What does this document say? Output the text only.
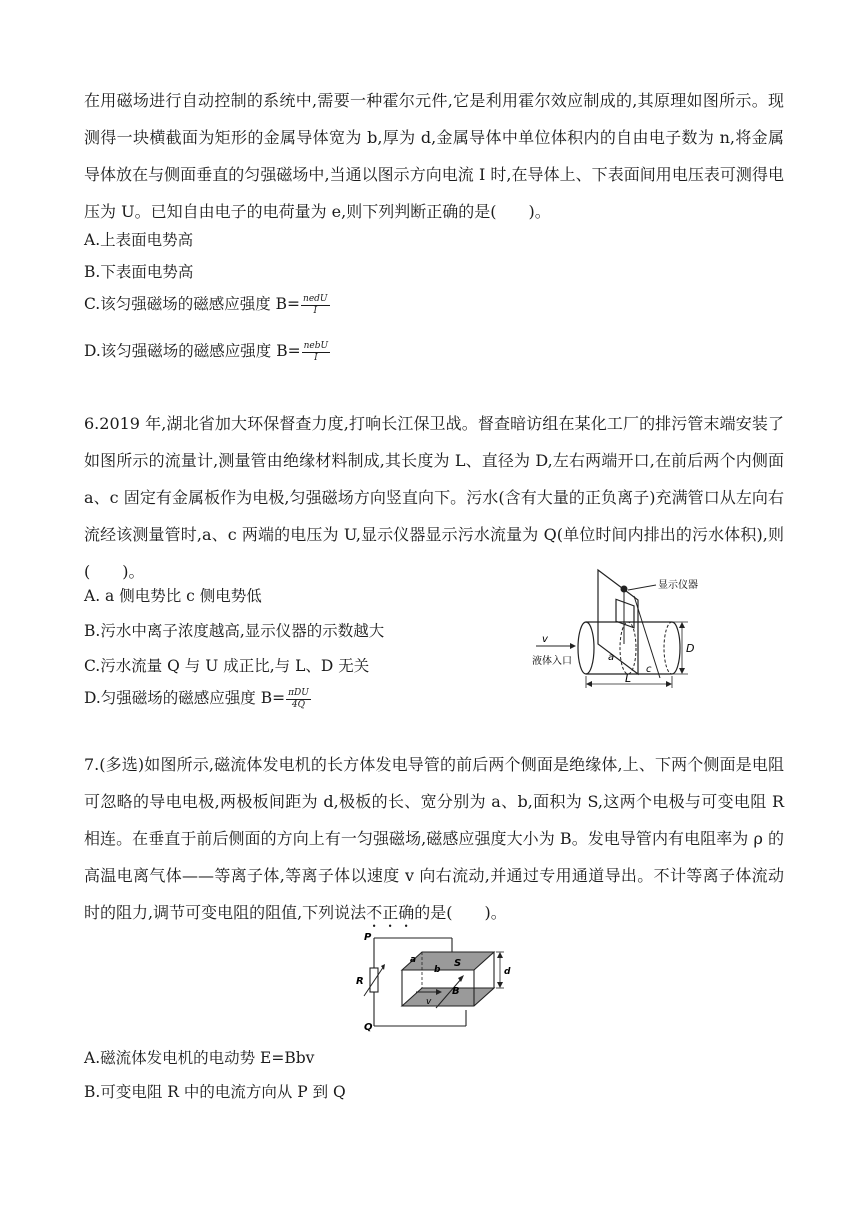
在用磁场进行自动控制的系统中,需要一种霍尔元件,它是利用霍尔效应制成的,其原理如图所示。现测得一块横截面为矩形的金属导体宽为 b,厚为 d,金属导体中单位体积内的自由电子数为 n,将金属导体放在与侧面垂直的匀强磁场中,当通以图示方向电流 I 时,在导体上、下表面间用电压表可测得电压为 U。已知自由电子的电荷量为 e,则下列判断正确的是(　　)。
A.上表面电势高
B.下表面电势高
C.该匀强磁场的磁感应强度 $B= \frac{\text{nedU}}{I}$
D.该匀强磁场的磁感应强度 $B= \frac{\text{nebU}}{I}$
6.2019 年,湖北省加大环保督查力度,打响长江保卫战。督查暗访组在某化工厂的排污管末端安装了如图所示的流量计,测量管由绝缘材料制成,其长度为 L、直径为 D,左右两端开口,在前后两个内侧面 a、c 固定有金属板作为电极,匀强磁场方向竖直向下。污水(含有大量的正负离子)充满管口从左向右流经该测量管时,a、c 两端的电压为 U,显示仪器显示污水流量为 Q(单位时间内排出的污水体积),则(　　)。
A. a 侧电势比 c 侧电势低
B.污水中离子浓度越高,显示仪器的示数越大
C.污水流量 Q 与 U 成正比,与 L、D 无关
D.匀强磁场的磁感应强度 $B= \frac{\text{πDU}}{4Q}$
显示仪器
a
c
v
液体入口
D
L
7.(多选)如图所示,磁流体发电机的长方体发电导管的前后两个侧面是绝缘体,上、下两个侧面是电阻可忽略的导电电极,两极板间距为 d,极板的长、宽分别为 a、b,面积为 S,这两个电极与可变电阻 R 相连。在垂直于前后侧面的方向上有一匀强磁场,磁感应强度大小为 B。发电导管内有电阻率为 ρ 的高温电离气体——等离子体,等离子体以速度 v 向右流动,并通过专用通道导出。不计等离子体流动时的阻力,调节可变电阻的阻值,下列说法不正确的是(　　)。
P
Q
R
a
b
S
d
B
v
A.磁流体发电机的电动势 E=Bbv
B.可变电阻 R 中的电流方向从 P 到 Q
